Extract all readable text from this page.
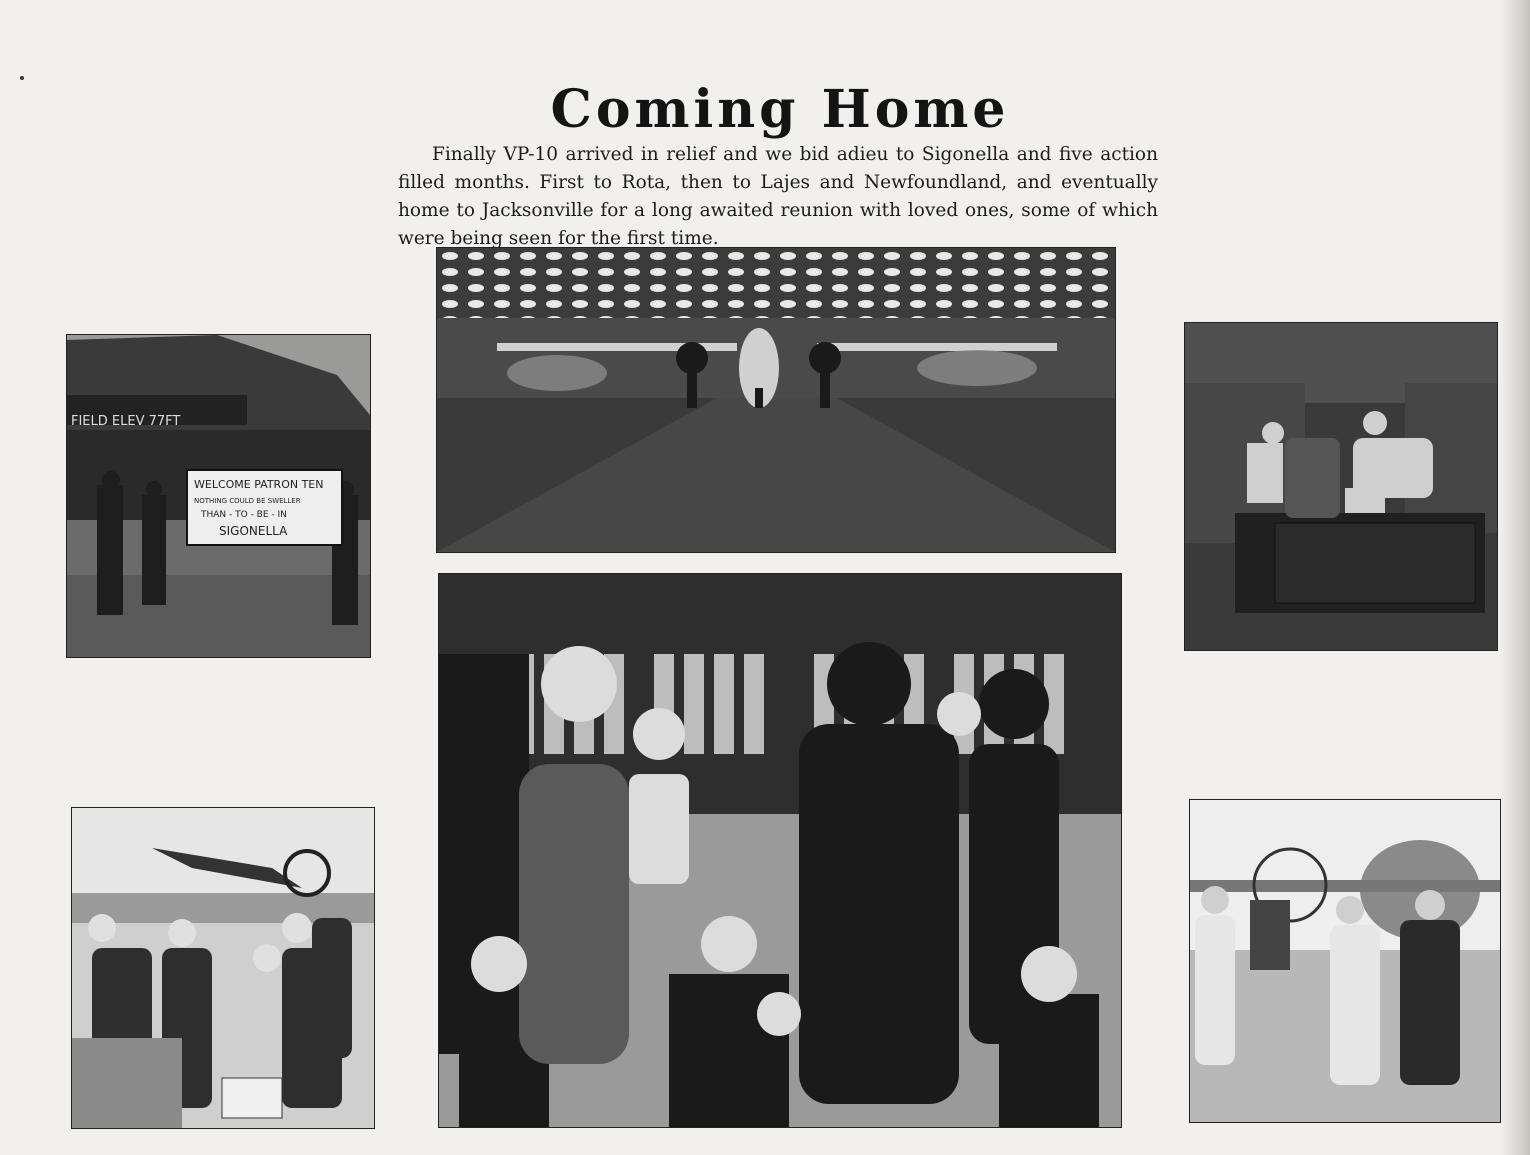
Coming Home

Finally VP-10 arrived in relief and we bid adieu to Sigonella and five action filled months. First to Rota, then to Lajes and Newfoundland, and eventually home to Jacksonville for a long awaited reunion with loved ones, some of which were being seen for the first time.

FIELD ELEV 77FT
WELCOME PATRON TEN
NOTHING COULD BE SWELLER
THAN - TO - BE - IN
SIGONELLA
